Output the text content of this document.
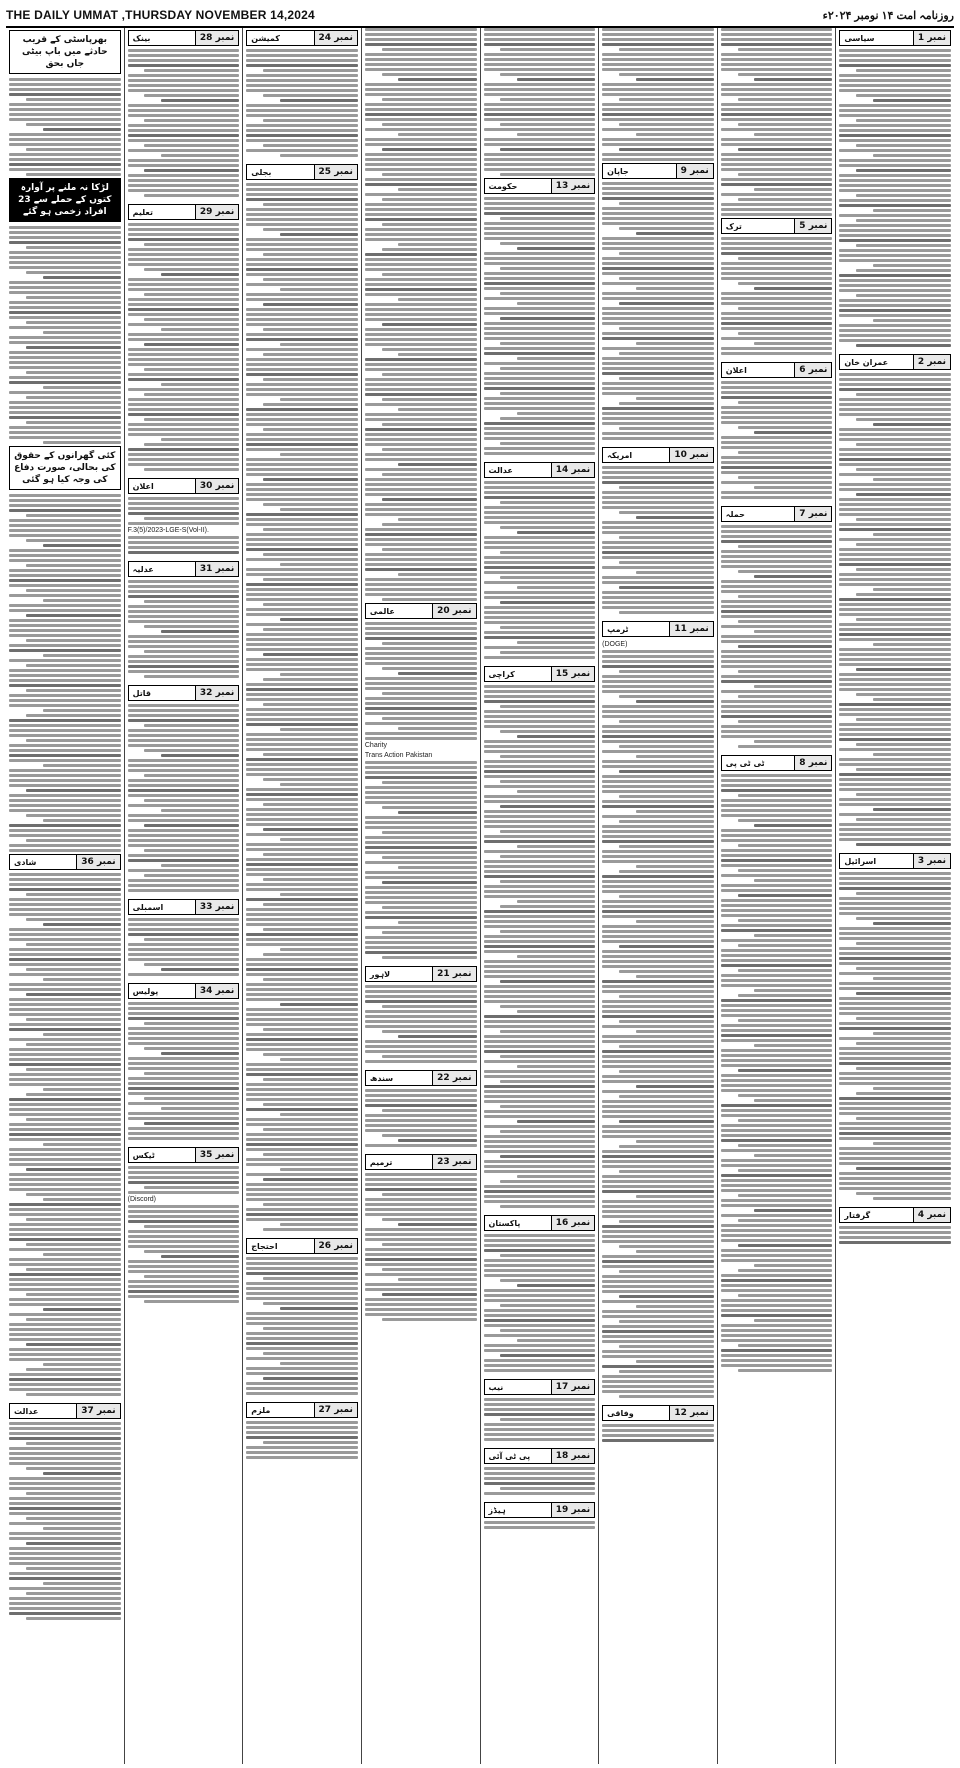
THE DAILY UMMAT ,THURSDAY NOVEMBER 14,2024	روزنامہ امت ۱۴ نومبر ۲۰۲۴ء
نمبر 1
سیاسی
نمبر 2
عمران خان
نمبر 3
اسرائیل
نمبر 4
گرفتار
نمبر 5
ترک
نمبر 6
اعلان
نمبر 7
حملہ
نمبر 8
ٹی ٹی پی
نمبر 9
جاپان
نمبر 10
امریکہ
نمبر 11
ٹرمپ
(DOGE)
نمبر 12
وفاقی
نمبر 13
حکومت
نمبر 14
عدالت
نمبر 15
کراچی
نمبر 16
پاکستان
نمبر 17
نیب
نمبر 18
پی ٹی آئی
نمبر 19
ہیڈز
نمبر 20
عالمی
Charity
Trans Action Pakistan
نمبر 21
لاہور
نمبر 22
سندھ
نمبر 23
ترمیم
نمبر 24
کمیشن
نمبر 25
بجلی
نمبر 26
احتجاج
نمبر 27
ملزم
نمبر 28
بینک
نمبر 29
تعلیم
نمبر 30
اعلان
F.3(5)/2023-LGE-S(Vol-II).
نمبر 31
عدلیہ
نمبر 32
قاتل
نمبر 33
اسمبلی
نمبر 34
پولیس
نمبر 35
ٹیکس
(Discord)
بھرپاسٹی کے قریب حادثے میں باپ بیٹی جاں بحق
لڑکا نہ ملنے پر آوارہ کتوں کے حملے سے 23 افراد زخمی ہو گئے
کئی گھرانوں کے حقوق کی بحالی، صورت دفاع کی وجہ کیا ہو گئی
نمبر 36
شادی
نمبر 37
عدالت
